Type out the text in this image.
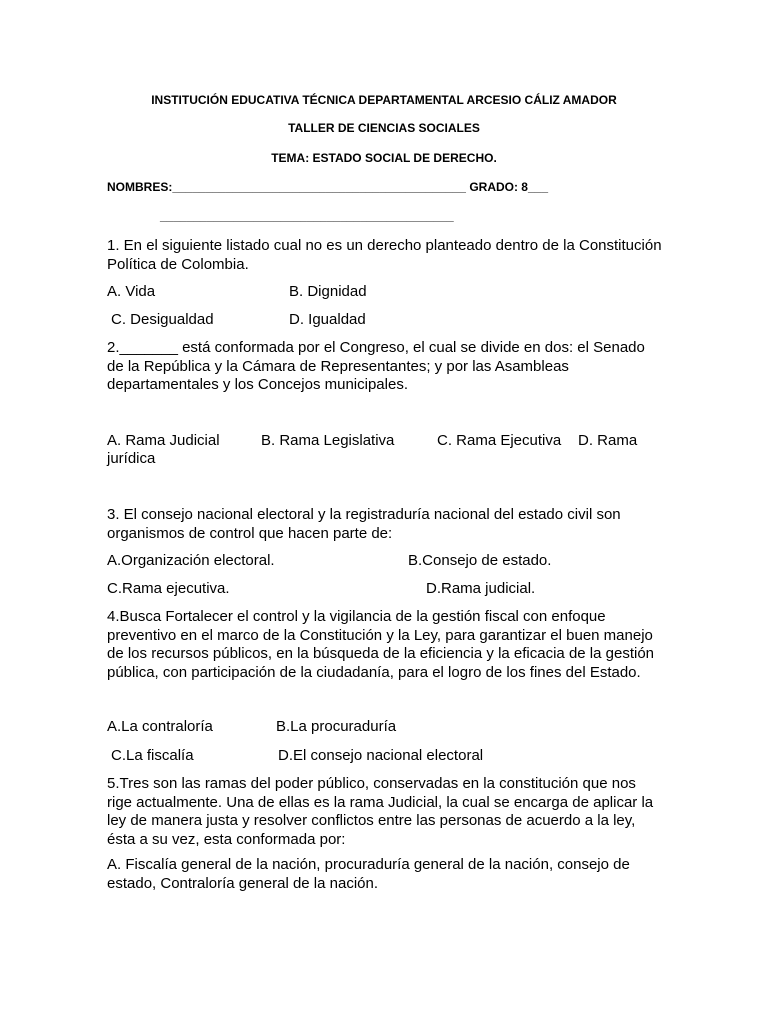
INSTITUCIÓN EDUCATIVA TÉCNICA DEPARTAMENTAL ARCESIO CÁLIZ AMADOR
TALLER DE CIENCIAS SOCIALES
TEMA: ESTADO SOCIAL DE DERECHO.
NOMBRES:____________________________________________ GRADO: 8___
____________________________________________

1. En el siguiente listado cual no es un derecho planteado dentro de la Constitución Política de Colombia.

A. Vida	B. Dignidad
C. Desigualdad	D. Igualdad

2._______ está conformada por el Congreso, el cual se divide en dos: el Senado de la República y la Cámara de Representantes; y por las Asambleas departamentales y los Concejos municipales.

A. Rama Judicial	B. Rama Legislativa	C. Rama Ejecutiva D. Rama
jurídica

3. El consejo nacional electoral y la registraduría nacional del estado civil son organismos de control que hacen parte de:

A.Organización electoral.	B.Consejo de estado.
C.Rama ejecutiva.	D.Rama judicial.

4.Busca Fortalecer el control y la vigilancia de la gestión fiscal con enfoque preventivo en el marco de la Constitución y la Ley, para garantizar el buen manejo de los recursos públicos, en la búsqueda de la eficiencia y la eficacia de la gestión pública, con participación de la ciudadanía, para el logro de los fines del Estado.

A.La contraloría	B.La procuraduría
C.La fiscalía	D.El consejo nacional electoral

5.Tres son las ramas del poder público, conservadas en la constitución que nos rige actualmente. Una de ellas es la rama Judicial, la cual se encarga de aplicar la ley de manera justa y resolver conflictos entre las personas de acuerdo a la ley, ésta a su vez, esta conformada por:

A. Fiscalía general de la nación, procuraduría general de la nación, consejo de estado, Contraloría general de la nación.
